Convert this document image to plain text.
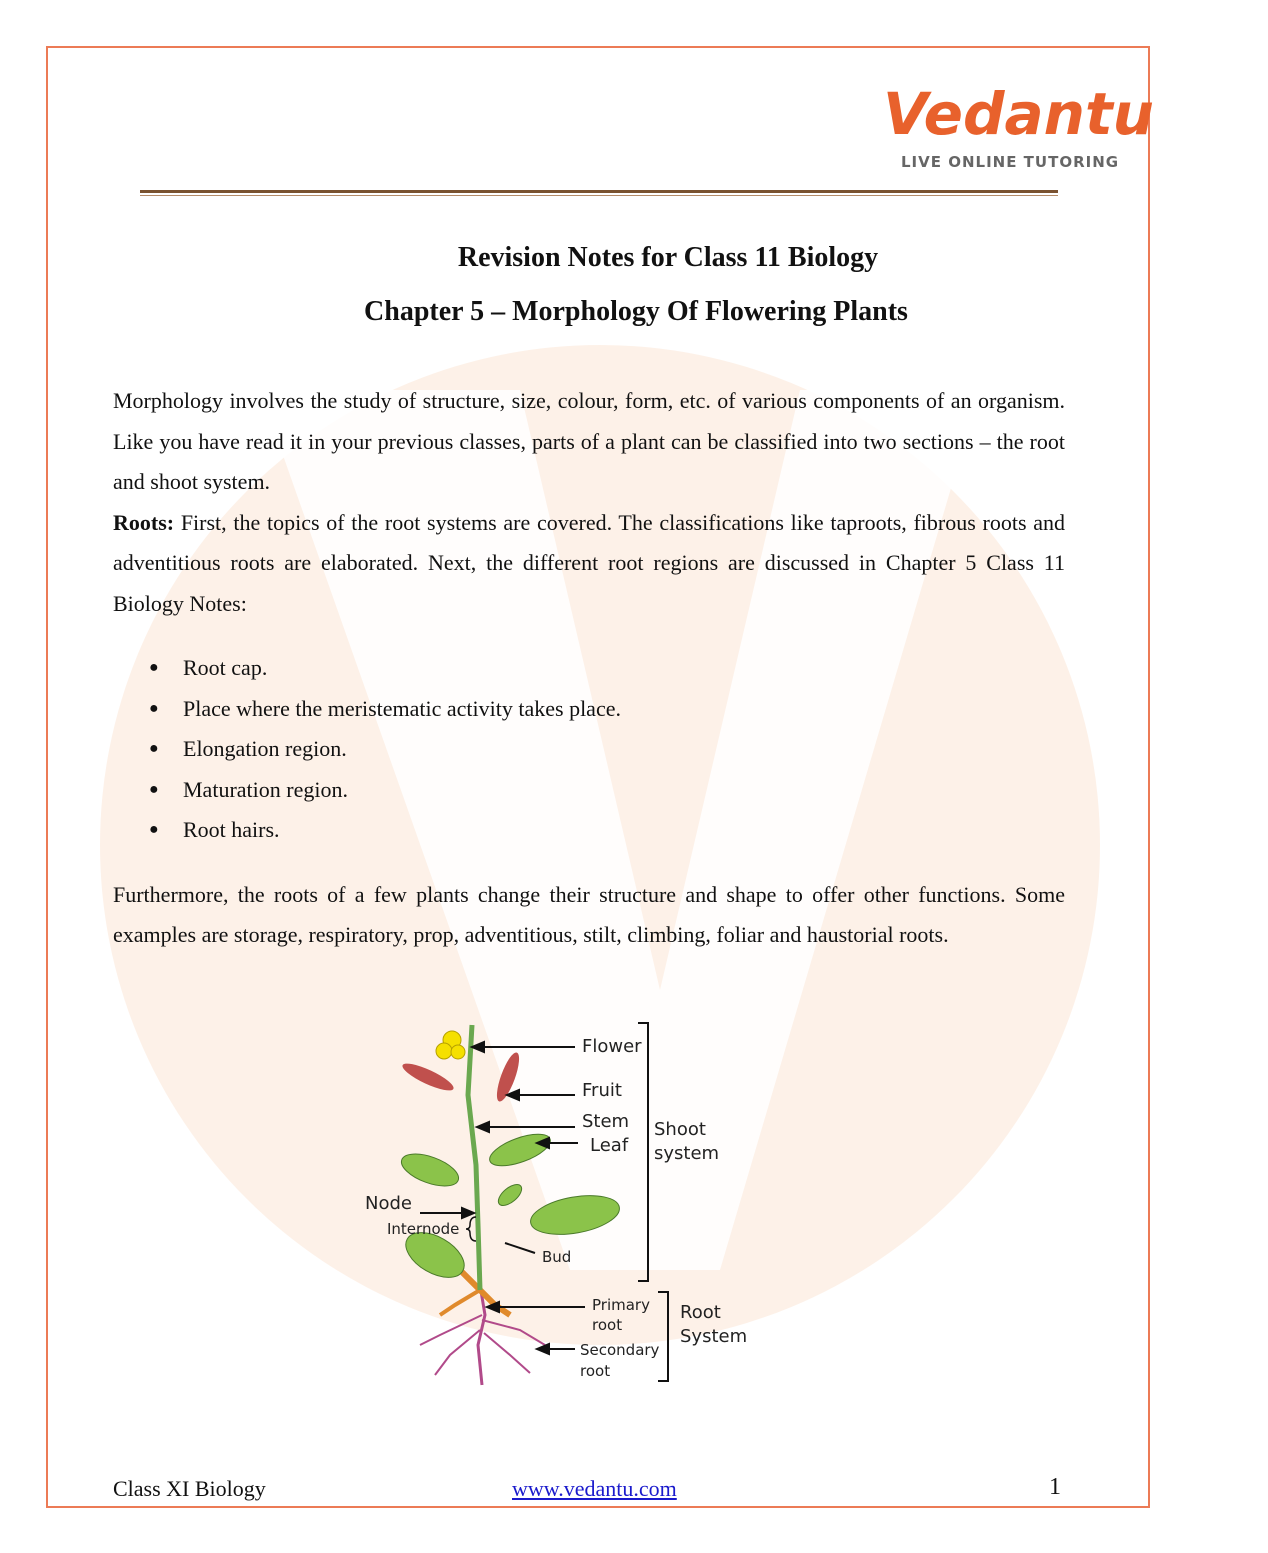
Vedantu
LIVE ONLINE TUTORING
Revision Notes for Class 11 Biology
Chapter 5 – Morphology Of Flowering Plants

Morphology involves the study of structure, size, colour, form, etc. of various components of an organism. Like you have read it in your previous classes, parts of a plant can be classified into two sections – the root and shoot system.

Roots: First, the topics of the root systems are covered. The classifications like taproots, fibrous roots and adventitious roots are elaborated. Next, the different root regions are discussed in Chapter 5 Class 11 Biology Notes:

● Root cap.
● Place where the meristematic activity takes place.
● Elongation region.
● Maturation region.
● Root hairs.

Furthermore, the roots of a few plants change their structure and shape to offer other functions. Some examples are storage, respiratory, prop, adventitious, stilt, climbing, foliar and haustorial roots.

Flower
Fruit
Stem
Leaf
Shoot
system
Node
Internode
Bud
Primary
root
Secondary
root
Root
System
Class XI Biology	www.vedantu.com	1
